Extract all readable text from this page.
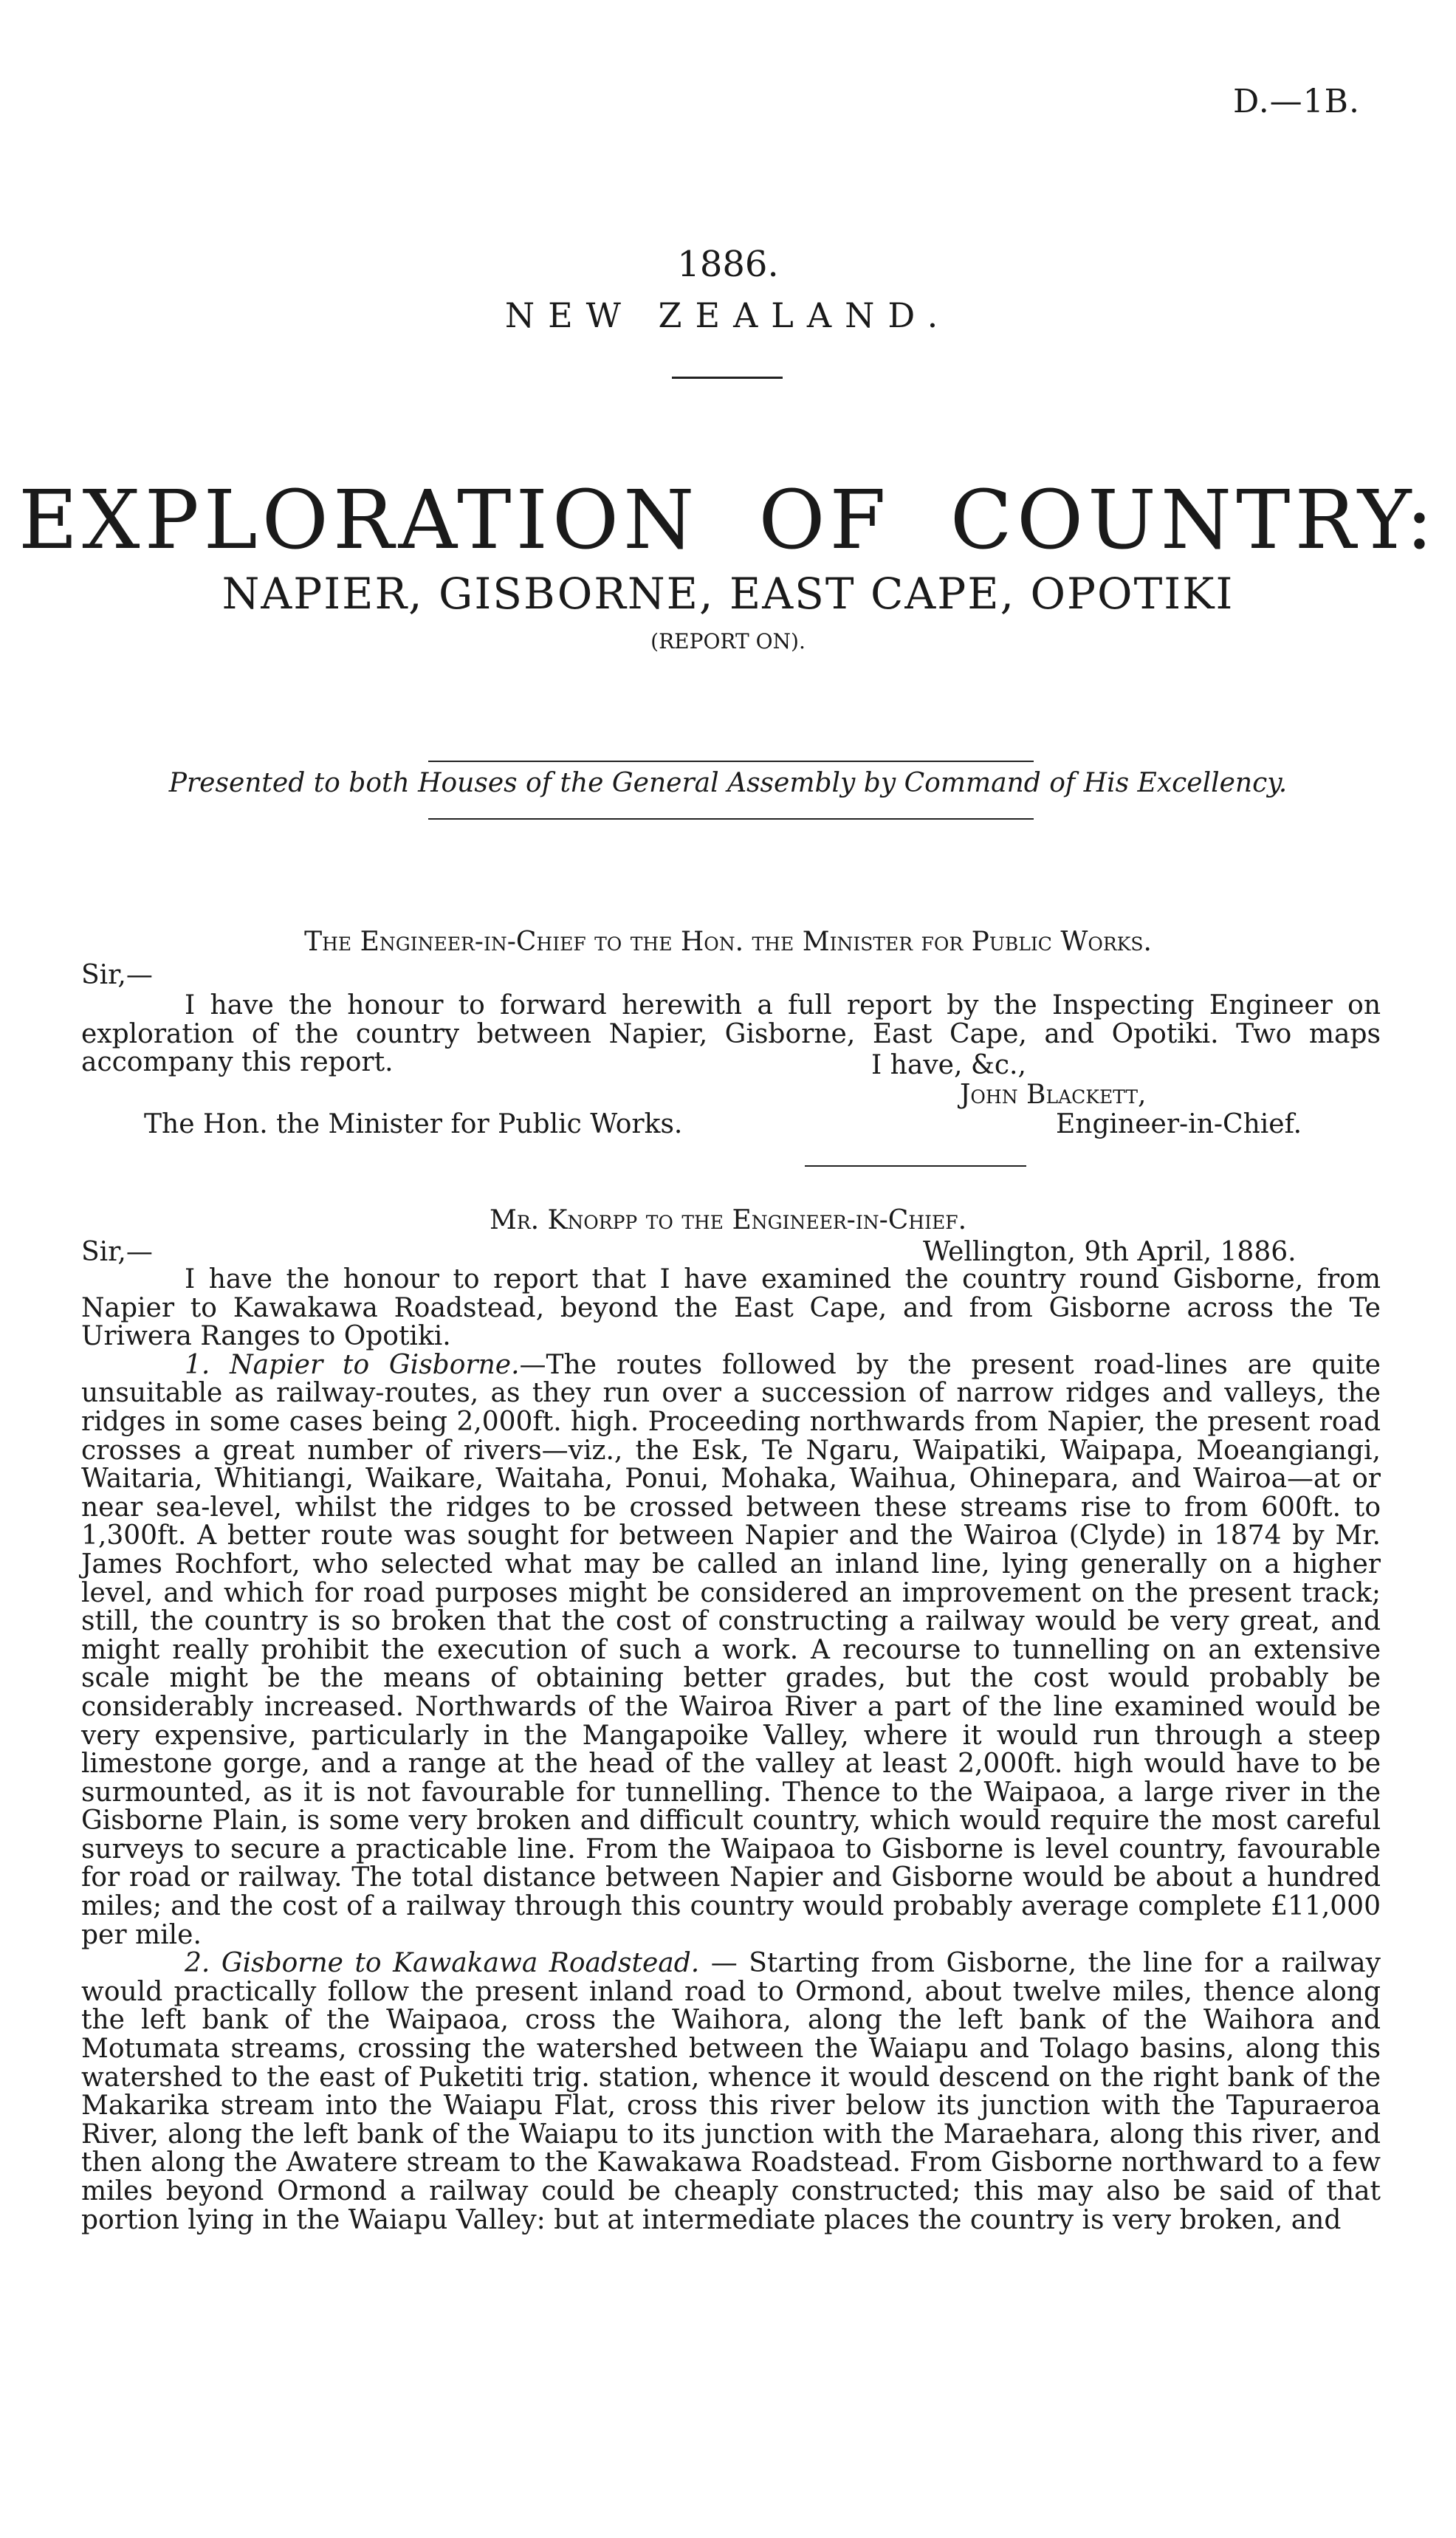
D.—1B.
1886.
NEW ZEALAND.
EXPLORATION OF COUNTRY:
NAPIER, GISBORNE, EAST CAPE, OPOTIKI
(REPORT ON).
Presented to both Houses of the General Assembly by Command of His Excellency.
The Engineer-in-Chief to the Hon. the Minister for Public Works.
Sir,—

I have the honour to forward herewith a full report by the Inspecting Engineer on exploration of the country between Napier, Gisborne, East Cape, and Opotiki. Two maps accompany this report.	I have, &c.,
John Blackett,
The Hon. the Minister for Public Works.	Engineer-in-Chief.
Mr. Knorpp to the Engineer-in-Chief.
Sir,—	Wellington, 9th April, 1886.

I have the honour to report that I have examined the country round Gisborne, from Napier to Kawakawa Roadstead, beyond the East Cape, and from Gisborne across the Te Uriwera Ranges to Opotiki.

1. Napier to Gisborne.—The routes followed by the present road-lines are quite unsuitable as railway-routes, as they run over a succession of narrow ridges and valleys, the ridges in some cases being 2,000ft. high. Proceeding northwards from Napier, the present road crosses a great number of rivers—viz., the Esk, Te Ngaru, Waipatiki, Waipapa, Moeangiangi, Waitaria, Whitiangi, Waikare, Waitaha, Ponui, Mohaka, Waihua, Ohinepara, and Wairoa—at or near sea-level, whilst the ridges to be crossed between these streams rise to from 600ft. to 1,300ft. A better route was sought for between Napier and the Wairoa (Clyde) in 1874 by Mr. James Rochfort, who selected what may be called an inland line, lying generally on a higher level, and which for road purposes might be considered an improvement on the present track; still, the country is so broken that the cost of constructing a railway would be very great, and might really prohibit the execution of such a work. A recourse to tunnelling on an extensive scale might be the means of obtaining better grades, but the cost would probably be considerably increased. Northwards of the Wairoa River a part of the line examined would be very expensive, particularly in the Mangapoike Valley, where it would run through a steep limestone gorge, and a range at the head of the valley at least 2,000ft. high would have to be surmounted, as it is not favourable for tunnelling. Thence to the Waipaoa, a large river in the Gisborne Plain, is some very broken and difficult country, which would require the most careful surveys to secure a practicable line. From the Waipaoa to Gisborne is level country, favourable for road or railway. The total distance between Napier and Gisborne would be about a hundred miles; and the cost of a railway through this country would probably average complete £11,000 per mile.

2. Gisborne to Kawakawa Roadstead. — Starting from Gisborne, the line for a railway would practically follow the present inland road to Ormond, about twelve miles, thence along the left bank of the Waipaoa, cross the Waihora, along the left bank of the Waihora and Motumata streams, crossing the watershed between the Waiapu and Tolago basins, along this watershed to the east of Puketiti trig. station, whence it would descend on the right bank of the Makarika stream into the Waiapu Flat, cross this river below its junction with the Tapuraeroa River, along the left bank of the Waiapu to its junction with the Maraehara, along this river, and then along the Awatere stream to the Kawakawa Roadstead. From Gisborne northward to a few miles beyond Ormond a railway could be cheaply constructed; this may also be said of that portion lying in the Waiapu Valley: but at intermediate places the country is very broken, and
